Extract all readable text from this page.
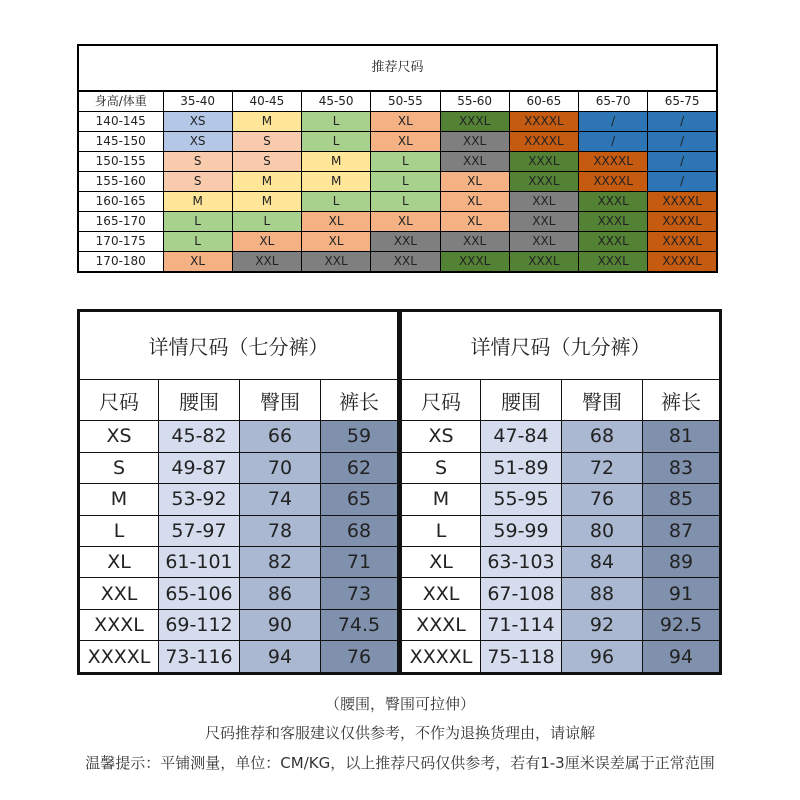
推荐尺码								
身高/体重	35-40	40-45	45-50	50-55	55-60	60-65	65-70	65-75
140-145	XS	M	L	XL	XXXL	XXXXL	/	/
145-150	XS	S	L	XL	XXL	XXXXL	/	/
150-155	S	S	M	L	XXL	XXXL	XXXXL	/
155-160	S	M	M	L	XL	XXXL	XXXXL	/
160-165	M	M	L	L	XL	XXL	XXXL	XXXXL
165-170	L	L	XL	XL	XL	XXL	XXXL	XXXXL
170-175	L	XL	XL	XXL	XXL	XXL	XXXL	XXXXL
170-180	XL	XXL	XXL	XXL	XXXL	XXXL	XXXL	XXXXL
详情尺码（七分裤）			
尺码	腰围	臀围	裤长
XS	45-82	66	59
S	49-87	70	62
M	53-92	74	65
L	57-97	78	68
XL	61-101	82	71
XXL	65-106	86	73
XXXL	69-112	90	74.5
XXXXL	73-116	94	76
详情尺码（九分裤）			
尺码	腰围	臀围	裤长
XS	47-84	68	81
S	51-89	72	83
M	55-95	76	85
L	59-99	80	87
XL	63-103	84	89
XXL	67-108	88	91
XXXL	71-114	92	92.5
XXXXL	75-118	96	94
（腰围，臀围可拉伸）
尺码推荐和客服建议仅供参考，不作为退换货理由，请谅解
温馨提示：平铺测量，单位：CM/KG，以上推荐尺码仅供参考，若有1-3厘米误差属于正常范围
